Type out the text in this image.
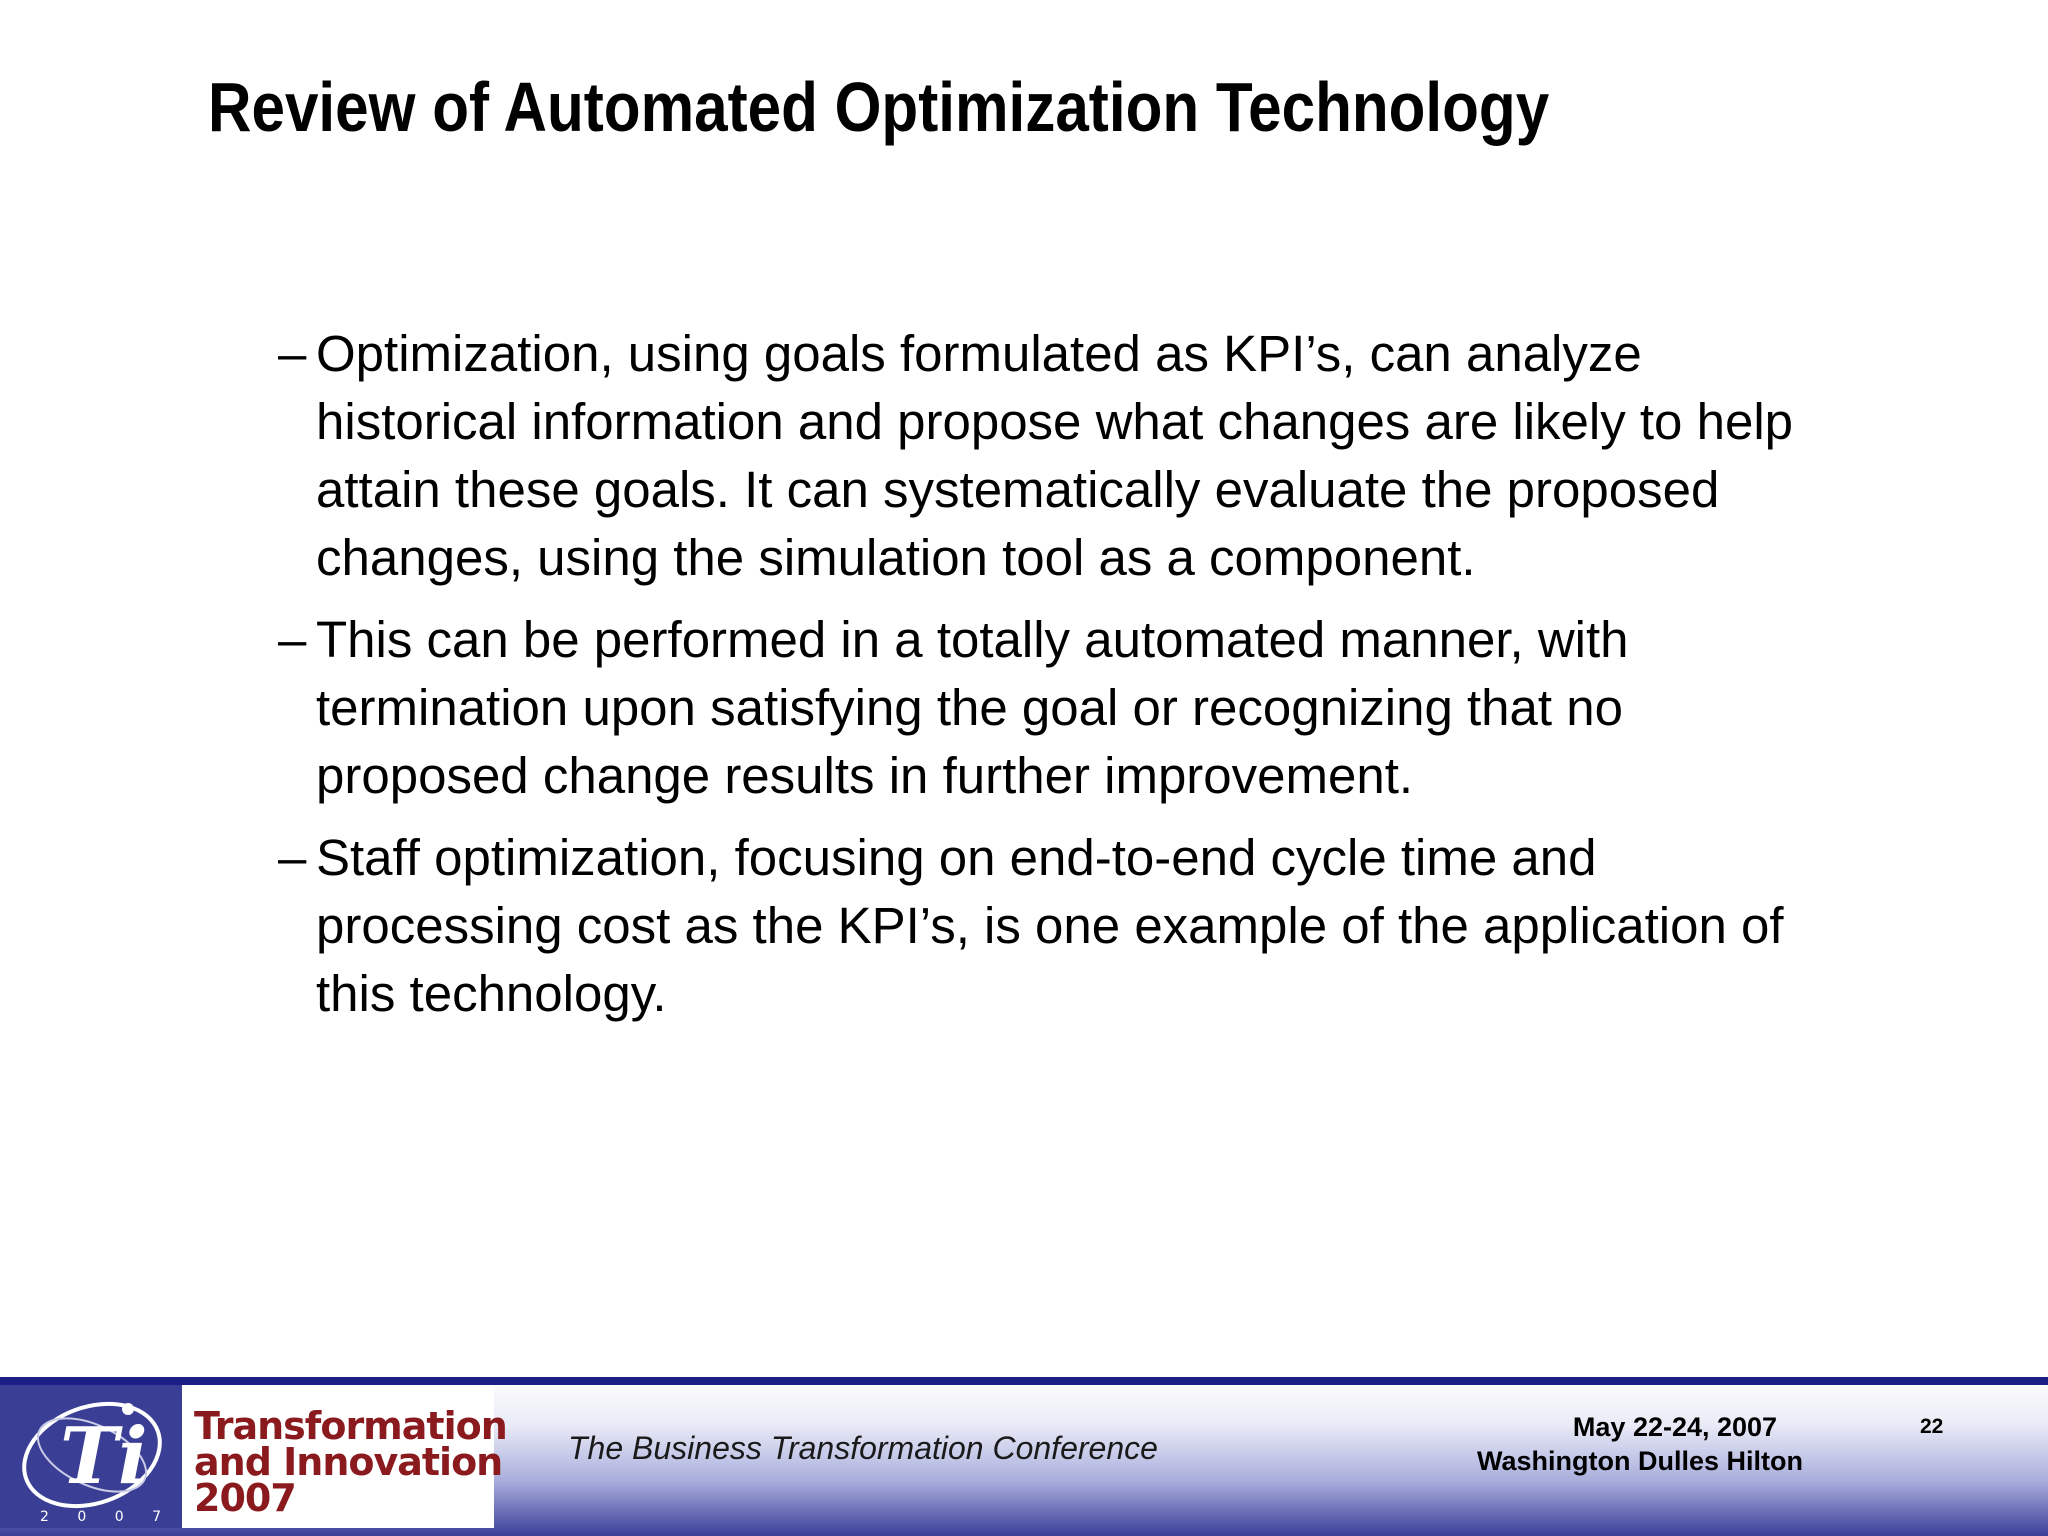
Review of Automated Optimization Technology
– Optimization, using goals formulated as KPI’s, can analyze historical information and propose what changes are likely to help attain these goals. It can systematically evaluate the proposed changes, using the simulation tool as a component.
– This can be performed in a totally automated manner, with termination upon satisfying the goal or recognizing that no proposed change results in further improvement.
– Staff optimization, focusing on end-to-end cycle time and processing cost as the KPI’s, is one example of the application of this technology.
Ti
2 0 0 7
Transformation
and Innovation
2007
The Business Transformation Conference
May 22-24, 2007
Washington Dulles Hilton
22
